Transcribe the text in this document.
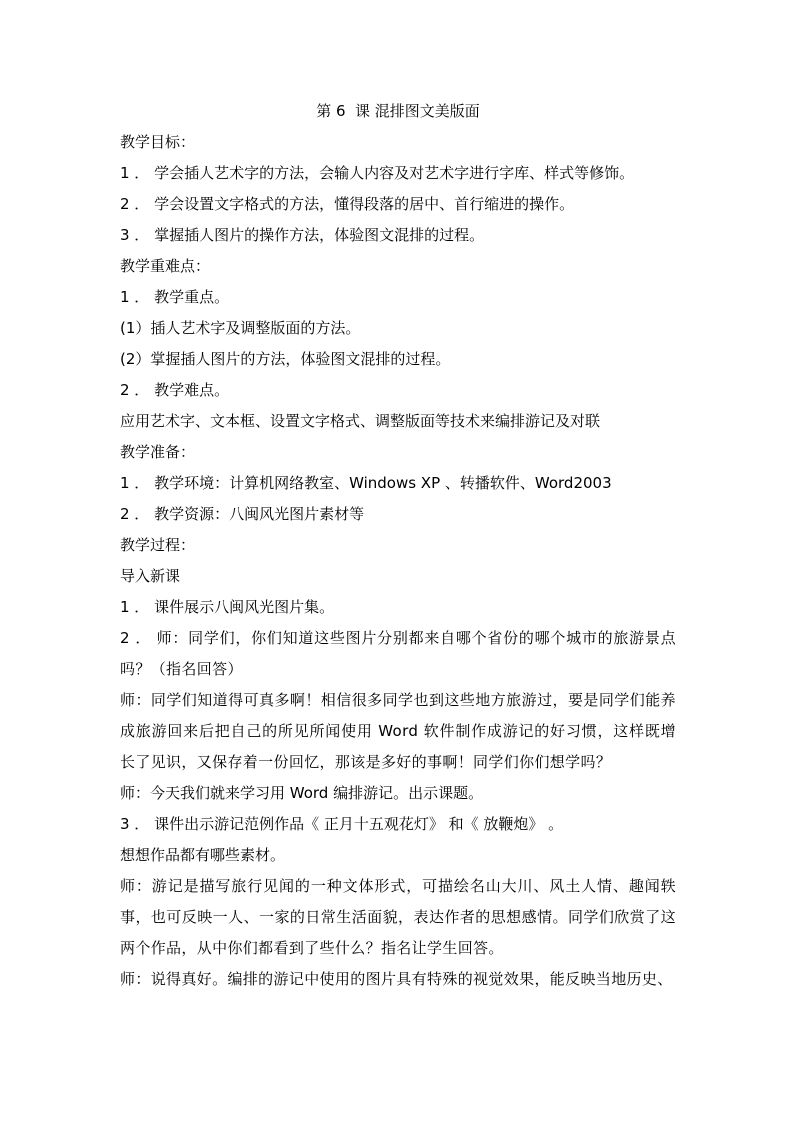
第 6  课 混排图文美版面
教学目标：
1 ． 学会插人艺术字的方法，会输人内容及对艺术字进行字库、样式等修饰。
2 ． 学会设置文字格式的方法，懂得段落的居中、首行缩进的操作。
3 ． 掌握插人图片的操作方法，体验图文混排的过程。
教学重难点：
1 ． 教学重点。
(1）插人艺术字及调整版面的方法。
(2）掌握插人图片的方法，体验图文混排的过程。
2 ． 教学难点。
应用艺术字、文本框、设置文字格式、调整版面等技术来编排游记及对联
教学准备：
1 ． 教学环境：计算机网络教室、Windows XP 、转播软件、Word2003
2 ． 教学资源：八闽风光图片素材等
教学过程：
导入新课
1 ． 课件展示八闽风光图片集。
2 ． 师：同学们，你们知道这些图片分别都来自哪个省份的哪个城市的旅游景点吗？（指名回答）
师：同学们知道得可真多啊！相信很多同学也到这些地方旅游过，要是同学们能养成旅游回来后把自己的所见所闻使用 Word 软件制作成游记的好习惯，这样既增长了见识，又保存着一份回忆，那该是多好的事啊！同学们你们想学吗？
师：今天我们就来学习用 Word 编排游记。出示课题。
3 ． 课件出示游记范例作品《 正月十五观花灯》 和《 放鞭炮》 。
想想作品都有哪些素材。
师：游记是描写旅行见闻的一种文体形式，可描绘名山大川、风土人情、趣闻轶事，也可反映一人、一家的日常生活面貌，表达作者的思想感情。同学们欣赏了这两个作品，从中你们都看到了些什么？指名让学生回答。
师：说得真好。编排的游记中使用的图片具有特殊的视觉效果，能反映当地历史、
